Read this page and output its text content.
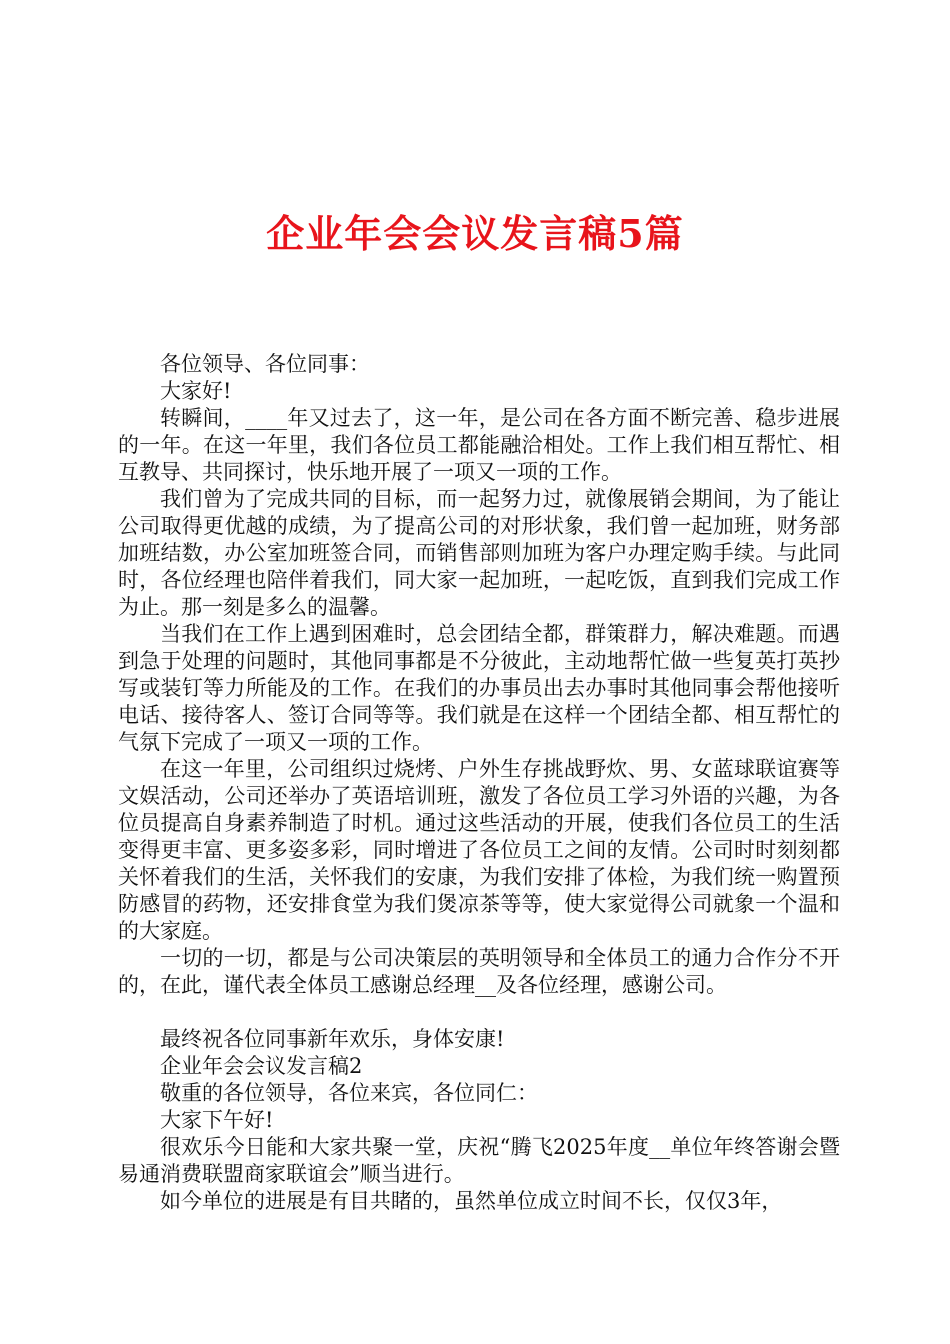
企业年会会议发言稿5篇

各位领导、各位同事：

大家好!

转瞬间，____年又过去了，这一年，是公司在各方面不断完善、稳步进展的一年。在这一年里，我们各位员工都能融洽相处。工作上我们相互帮忙、相互教导、共同探讨，快乐地开展了一项又一项的工作。

我们曾为了完成共同的目标，而一起努力过，就像展销会期间，为了能让公司取得更优越的成绩，为了提高公司的对形状象，我们曾一起加班，财务部加班结数，办公室加班签合同，而销售部则加班为客户办理定购手续。与此同时，各位经理也陪伴着我们，同大家一起加班，一起吃饭，直到我们完成工作为止。那一刻是多么的温馨。

当我们在工作上遇到困难时，总会团结全都，群策群力，解决难题。而遇到急于处理的问题时，其他同事都是不分彼此，主动地帮忙做一些复英打英抄写或装钉等力所能及的工作。在我们的办事员出去办事时其他同事会帮他接听电话、接待客人、签订合同等等。我们就是在这样一个团结全都、相互帮忙的气氛下完成了一项又一项的工作。

在这一年里，公司组织过烧烤、户外生存挑战野炊、男、女蓝球联谊赛等文娱活动，公司还举办了英语培训班，激发了各位员工学习外语的兴趣，为各位员提高自身素养制造了时机。通过这些活动的开展，使我们各位员工的生活变得更丰富、更多姿多彩，同时增进了各位员工之间的友情。公司时时刻刻都关怀着我们的生活，关怀我们的安康，为我们安排了体检，为我们统一购置预防感冒的药物，还安排食堂为我们煲凉茶等等，使大家觉得公司就象一个温和的大家庭。

一切的一切，都是与公司决策层的英明领导和全体员工的通力合作分不开的，在此，谨代表全体员工感谢总经理__及各位经理，感谢公司。

最终祝各位同事新年欢乐，身体安康!

企业年会会议发言稿2

敬重的各位领导，各位来宾，各位同仁：

大家下午好!

很欢乐今日能和大家共聚一堂，庆祝“腾飞2025年度__单位年终答谢会暨易通消费联盟商家联谊会”顺当进行。

如今单位的进展是有目共睹的，虽然单位成立时间不长，仅仅3年，
